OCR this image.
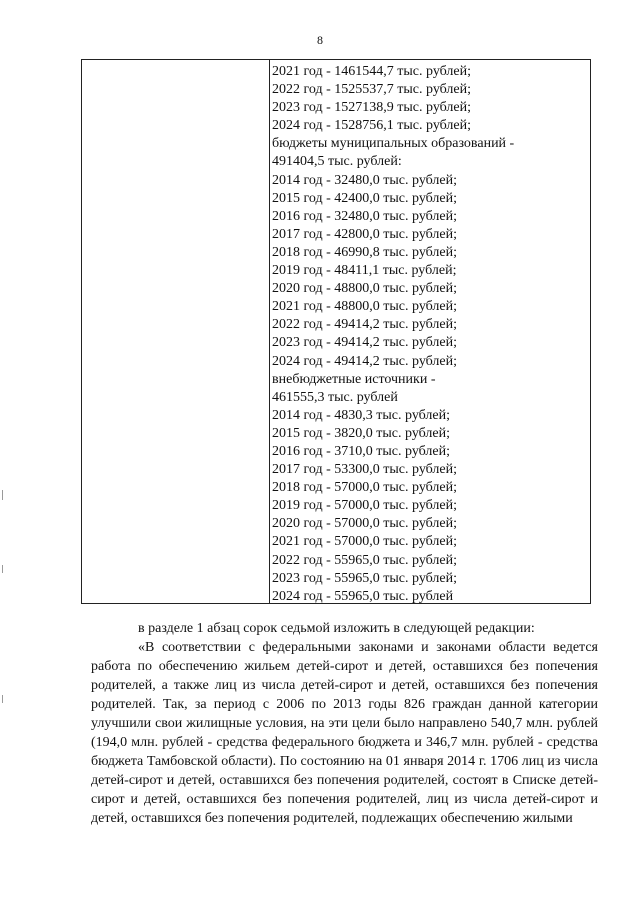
8
2021 год - 1461544,7 тыс. рублей;
2022 год - 1525537,7 тыс. рублей;
2023 год - 1527138,9 тыс. рублей;
2024 год - 1528756,1 тыс. рублей;
бюджеты муниципальных образований -
491404,5 тыс. рублей:
2014 год - 32480,0 тыс. рублей;
2015 год - 42400,0 тыс. рублей;
2016 год - 32480,0 тыс. рублей;
2017 год - 42800,0 тыс. рублей;
2018 год - 46990,8 тыс. рублей;
2019 год - 48411,1 тыс. рублей;
2020 год - 48800,0 тыс. рублей;
2021 год - 48800,0 тыс. рублей;
2022 год - 49414,2 тыс. рублей;
2023 год - 49414,2 тыс. рублей;
2024 год - 49414,2 тыс. рублей;
внебюджетные источники -
461555,3 тыс. рублей
2014 год - 4830,3 тыс. рублей;
2015 год - 3820,0 тыс. рублей;
2016 год - 3710,0 тыс. рублей;
2017 год - 53300,0 тыс. рублей;
2018 год - 57000,0 тыс. рублей;
2019 год - 57000,0 тыс. рублей;
2020 год - 57000,0 тыс. рублей;
2021 год - 57000,0 тыс. рублей;
2022 год - 55965,0 тыс. рублей;
2023 год - 55965,0 тыс. рублей;
2024 год - 55965,0 тыс. рублей

в разделе 1 абзац сорок седьмой изложить в следующей редакции:

«В соответствии с федеральными законами и законами области ведется работа по обеспечению жильем детей-сирот и детей, оставшихся без попечения родителей, а также лиц из числа детей-сирот и детей, оставшихся без попечения родителей. Так, за период с 2006 по 2013 годы 826 граждан данной категории улучшили свои жилищные условия, на эти цели было направлено 540,7 млн. рублей (194,0 млн. рублей - средства федерального бюджета и 346,7 млн. рублей - средства бюджета Тамбовской области). По состоянию на 01 января 2014 г. 1706 лиц из числа детей-сирот и детей, оставшихся без попечения родителей, состоят в Списке детей-сирот и детей, оставшихся без попечения родителей, лиц из числа детей-сирот и детей, оставшихся без попечения родителей, подлежащих обеспечению жилыми
